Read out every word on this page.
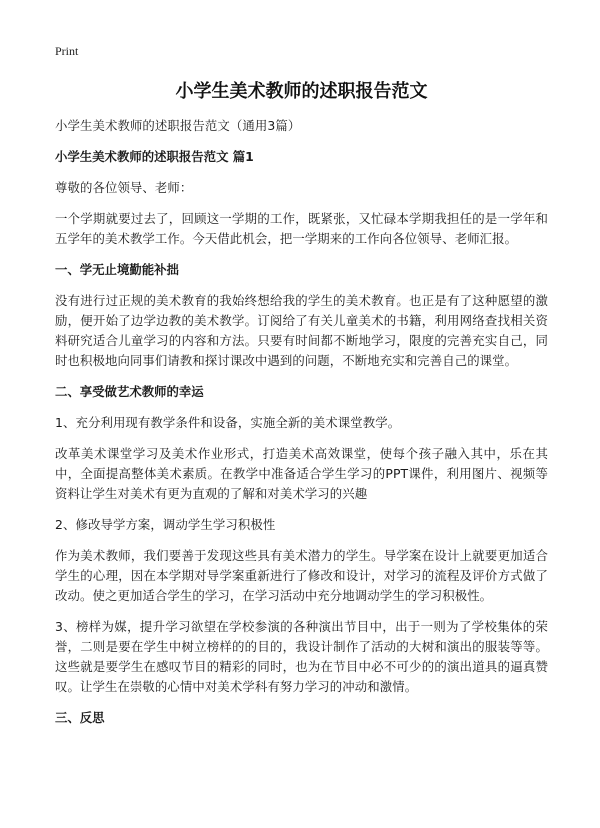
Print
小学生美术教师的述职报告范文
小学生美术教师的述职报告范文（通用3篇）
小学生美术教师的述职报告范文 篇1
尊敬的各位领导、老师：
一个学期就要过去了，回顾这一学期的工作，既紧张，又忙碌本学期我担任的是一学年和五学年的美术教学工作。今天借此机会，把一学期来的工作向各位领导、老师汇报。
一、学无止境勤能补拙
没有进行过正规的美术教育的我始终想给我的学生的美术教育。也正是有了这种愿望的激励，便开始了边学边教的美术教学。订阅给了有关儿童美术的书籍，利用网络查找相关资料研究适合儿童学习的内容和方法。只要有时间都不断地学习，限度的完善充实自己，同时也积极地向同事们请教和探讨课改中遇到的问题，不断地充实和完善自己的课堂。
二、享受做艺术教师的幸运
1、充分利用现有教学条件和设备，实施全新的美术课堂教学。
改革美术课堂学习及美术作业形式，打造美术高效课堂，使每个孩子融入其中，乐在其中，全面提高整体美术素质。在教学中准备适合学生学习的PPT课件，利用图片、视频等资料让学生对美术有更为直观的了解和对美术学习的兴趣
2、修改导学方案，调动学生学习积极性
作为美术教师，我们要善于发现这些具有美术潜力的学生。导学案在设计上就要更加适合学生的心理，因在本学期对导学案重新进行了修改和设计，对学习的流程及评价方式做了改动。使之更加适合学生的学习，在学习活动中充分地调动学生的学习积极性。
3、榜样为媒，提升学习欲望在学校参演的各种演出节目中，出于一则为了学校集体的荣誉，二则是要在学生中树立榜样的的目的，我设计制作了活动的大树和演出的服装等等。这些就是要学生在感叹节目的精彩的同时，也为在节目中必不可少的的演出道具的逼真赞叹。让学生在崇敬的心情中对美术学科有努力学习的冲动和激情。
三、反思
